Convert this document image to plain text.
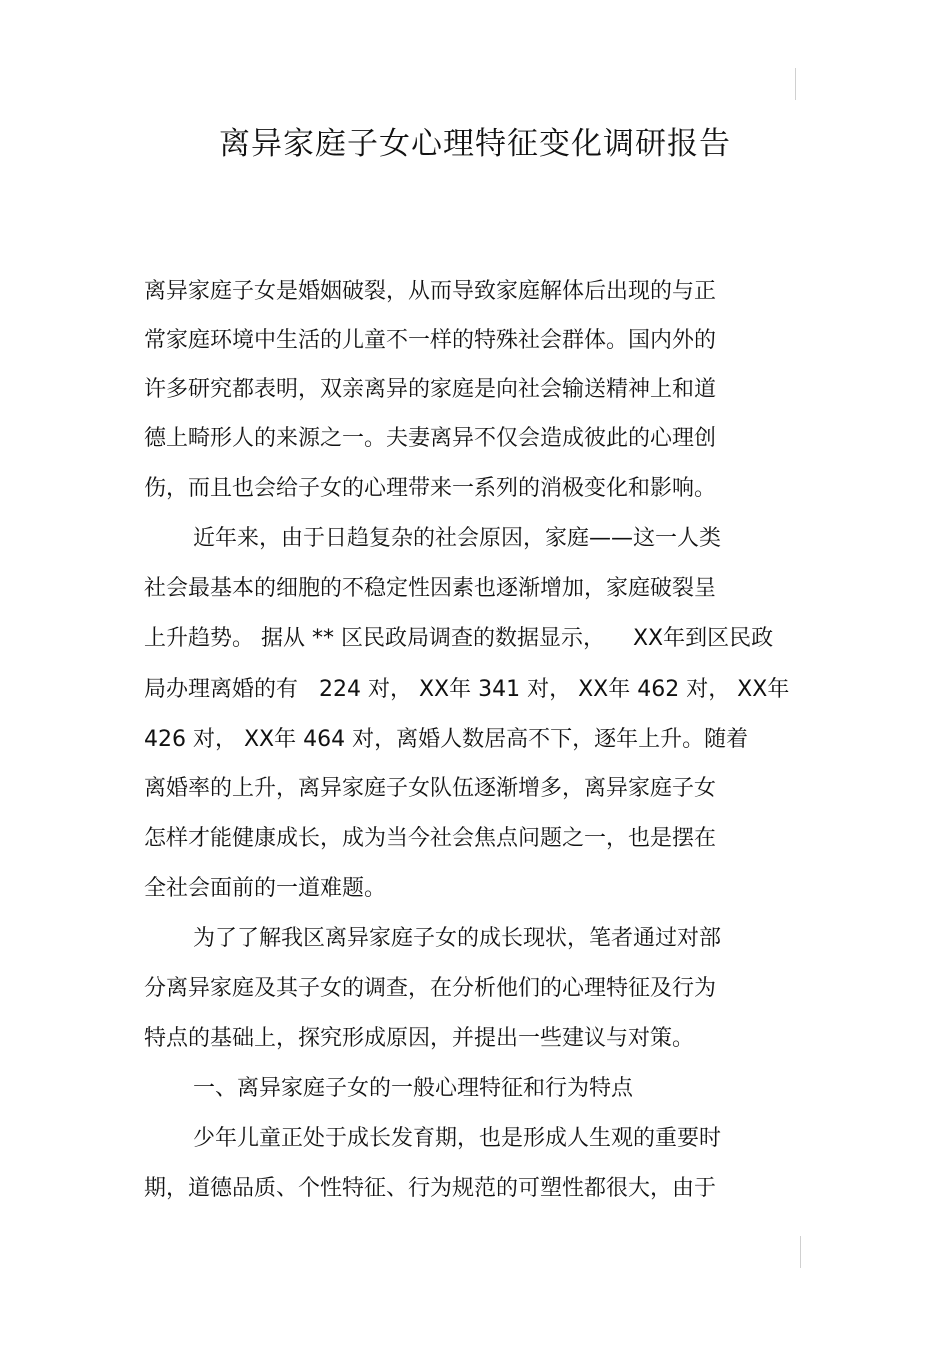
离异家庭子女心理特征变化调研报告
离异家庭子女是婚姻破裂，从而导致家庭解体后出现的与正
常家庭环境中生活的儿童不一样的特殊社会群体。国内外的
许多研究都表明，双亲离异的家庭是向社会输送精神上和道
德上畸形人的来源之一。夫妻离异不仅会造成彼此的心理创
伤，而且也会给子女的心理带来一系列的消极变化和影响。
近年来，由于日趋复杂的社会原因，家庭——这一人类
社会最基本的细胞的不稳定性因素也逐渐增加，家庭破裂呈
上升趋势。 据从 ** 区民政局调查的数据显示，    XX年到区民政
局办理离婚的有   224 对， XX年 341 对， XX年 462 对， XX年
426 对， XX年 464 对，离婚人数居高不下，逐年上升。随着
离婚率的上升，离异家庭子女队伍逐渐增多，离异家庭子女
怎样才能健康成长，成为当今社会焦点问题之一，也是摆在
全社会面前的一道难题。
为了了解我区离异家庭子女的成长现状，笔者通过对部
分离异家庭及其子女的调查，在分析他们的心理特征及行为
特点的基础上，探究形成原因，并提出一些建议与对策。
一、离异家庭子女的一般心理特征和行为特点
少年儿童正处于成长发育期，也是形成人生观的重要时
期，道德品质、个性特征、行为规范的可塑性都很大，由于
